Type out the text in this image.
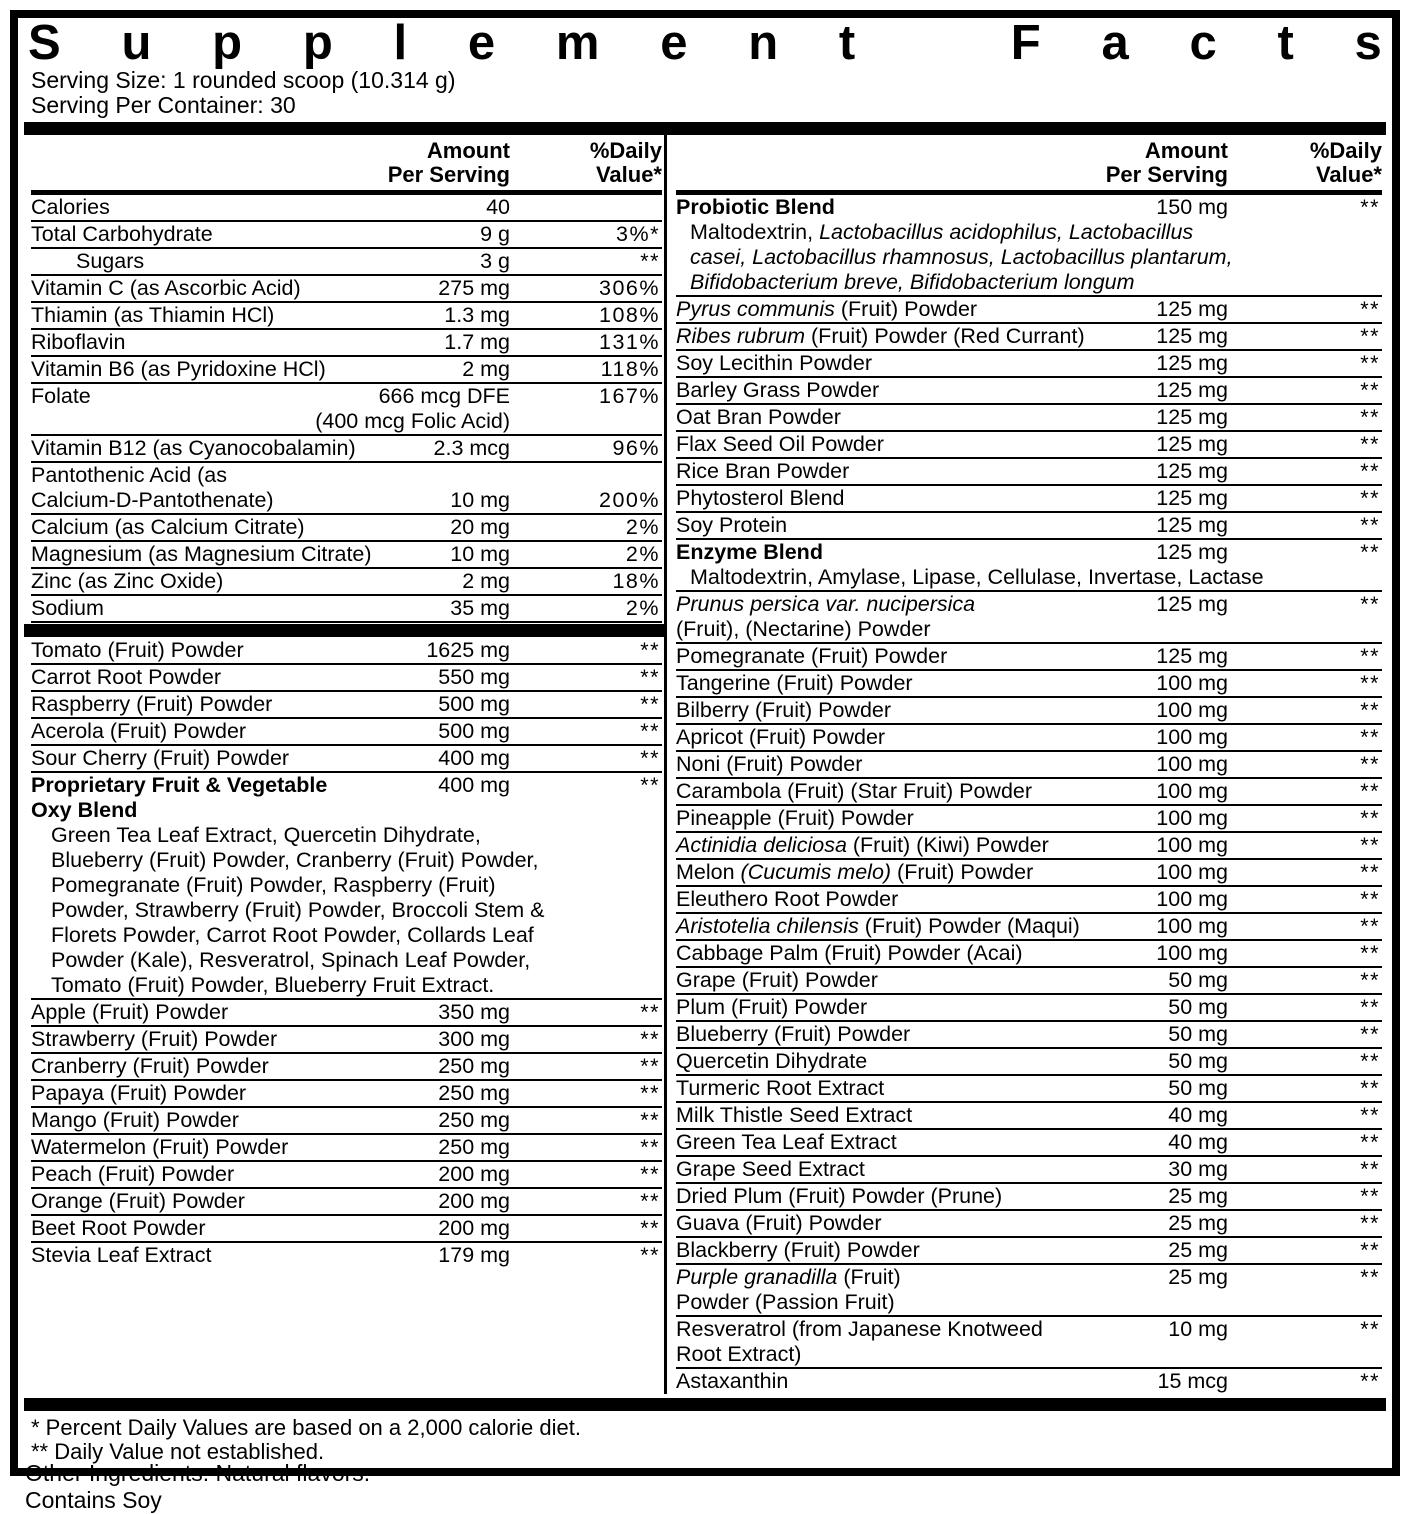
S u p p l e m e n t	F a c t s
Serving Size: 1 rounded scoop (10.314 g)
Serving Per Container: 30
Amount
Per Serving
%Daily
Value*
Calories	40
Total Carbohydrate	9 g	3%*
Sugars	3 g	**
Vitamin C (as Ascorbic Acid)	275 mg	306%
Thiamin (as Thiamin HCl)	1.3 mg	108%
Riboflavin	1.7 mg	131%
Vitamin B6 (as Pyridoxine HCl)	2 mg	118%
Folate	666 mcg DFE	167%
(400 mcg Folic Acid)
Vitamin B12 (as Cyanocobalamin)	2.3 mcg	96%
Pantothenic Acid (as
Calcium-D-Pantothenate)	10 mg	200%
Calcium (as Calcium Citrate)	20 mg	2%
Magnesium (as Magnesium Citrate)	10 mg	2%
Zinc (as Zinc Oxide)	2 mg	18%
Sodium	35 mg	2%
Tomato (Fruit) Powder	1625 mg	**
Carrot Root Powder	550 mg	**
Raspberry (Fruit) Powder	500 mg	**
Acerola (Fruit) Powder	500 mg	**
Sour Cherry (Fruit) Powder	400 mg	**
Proprietary Fruit & Vegetable	400 mg	**
Oxy Blend
Green Tea Leaf Extract, Quercetin Dihydrate,
Blueberry (Fruit) Powder, Cranberry (Fruit) Powder,
Pomegranate (Fruit) Powder, Raspberry (Fruit)
Powder, Strawberry (Fruit) Powder, Broccoli Stem &
Florets Powder, Carrot Root Powder, Collards Leaf
Powder (Kale), Resveratrol, Spinach Leaf Powder,
Tomato (Fruit) Powder, Blueberry Fruit Extract.
Apple (Fruit) Powder	350 mg	**
Strawberry (Fruit) Powder	300 mg	**
Cranberry (Fruit) Powder	250 mg	**
Papaya (Fruit) Powder	250 mg	**
Mango (Fruit) Powder	250 mg	**
Watermelon (Fruit) Powder	250 mg	**
Peach (Fruit) Powder	200 mg	**
Orange (Fruit) Powder	200 mg	**
Beet Root Powder	200 mg	**
Stevia Leaf Extract	179 mg	**
Amount
Per Serving
%Daily
Value*
Probiotic Blend	150 mg	**
Maltodextrin, Lactobacillus acidophilus, Lactobacillus
casei, Lactobacillus rhamnosus, Lactobacillus plantarum,
Bifidobacterium breve, Bifidobacterium longum
Pyrus communis (Fruit) Powder	125 mg	**
Ribes rubrum (Fruit) Powder (Red Currant)	125 mg	**
Soy Lecithin Powder	125 mg	**
Barley Grass Powder	125 mg	**
Oat Bran Powder	125 mg	**
Flax Seed Oil Powder	125 mg	**
Rice Bran Powder	125 mg	**
Phytosterol Blend	125 mg	**
Soy Protein	125 mg	**
Enzyme Blend	125 mg	**
Maltodextrin, Amylase, Lipase, Cellulase, Invertase, Lactase
Prunus persica var. nucipersica	125 mg	**
(Fruit), (Nectarine) Powder
Pomegranate (Fruit) Powder	125 mg	**
Tangerine (Fruit) Powder	100 mg	**
Bilberry (Fruit) Powder	100 mg	**
Apricot (Fruit) Powder	100 mg	**
Noni (Fruit) Powder	100 mg	**
Carambola (Fruit) (Star Fruit) Powder	100 mg	**
Pineapple (Fruit) Powder	100 mg	**
Actinidia deliciosa (Fruit) (Kiwi) Powder	100 mg	**
Melon (Cucumis melo) (Fruit) Powder	100 mg	**
Eleuthero Root Powder	100 mg	**
Aristotelia chilensis (Fruit) Powder (Maqui)	100 mg	**
Cabbage Palm (Fruit) Powder (Acai)	100 mg	**
Grape (Fruit) Powder	50 mg	**
Plum (Fruit) Powder	50 mg	**
Blueberry (Fruit) Powder	50 mg	**
Quercetin Dihydrate	50 mg	**
Turmeric Root Extract	50 mg	**
Milk Thistle Seed Extract	40 mg	**
Green Tea Leaf Extract	40 mg	**
Grape Seed Extract	30 mg	**
Dried Plum (Fruit) Powder (Prune)	25 mg	**
Guava (Fruit) Powder	25 mg	**
Blackberry (Fruit) Powder	25 mg	**
Purple granadilla (Fruit)	25 mg	**
Powder (Passion Fruit)
Resveratrol (from Japanese Knotweed	10 mg	**
Root Extract)
Astaxanthin	15 mcg	**
* Percent Daily Values are based on a 2,000 calorie diet.
** Daily Value not established.
Other Ingredients: Natural flavors.
Contains Soy
